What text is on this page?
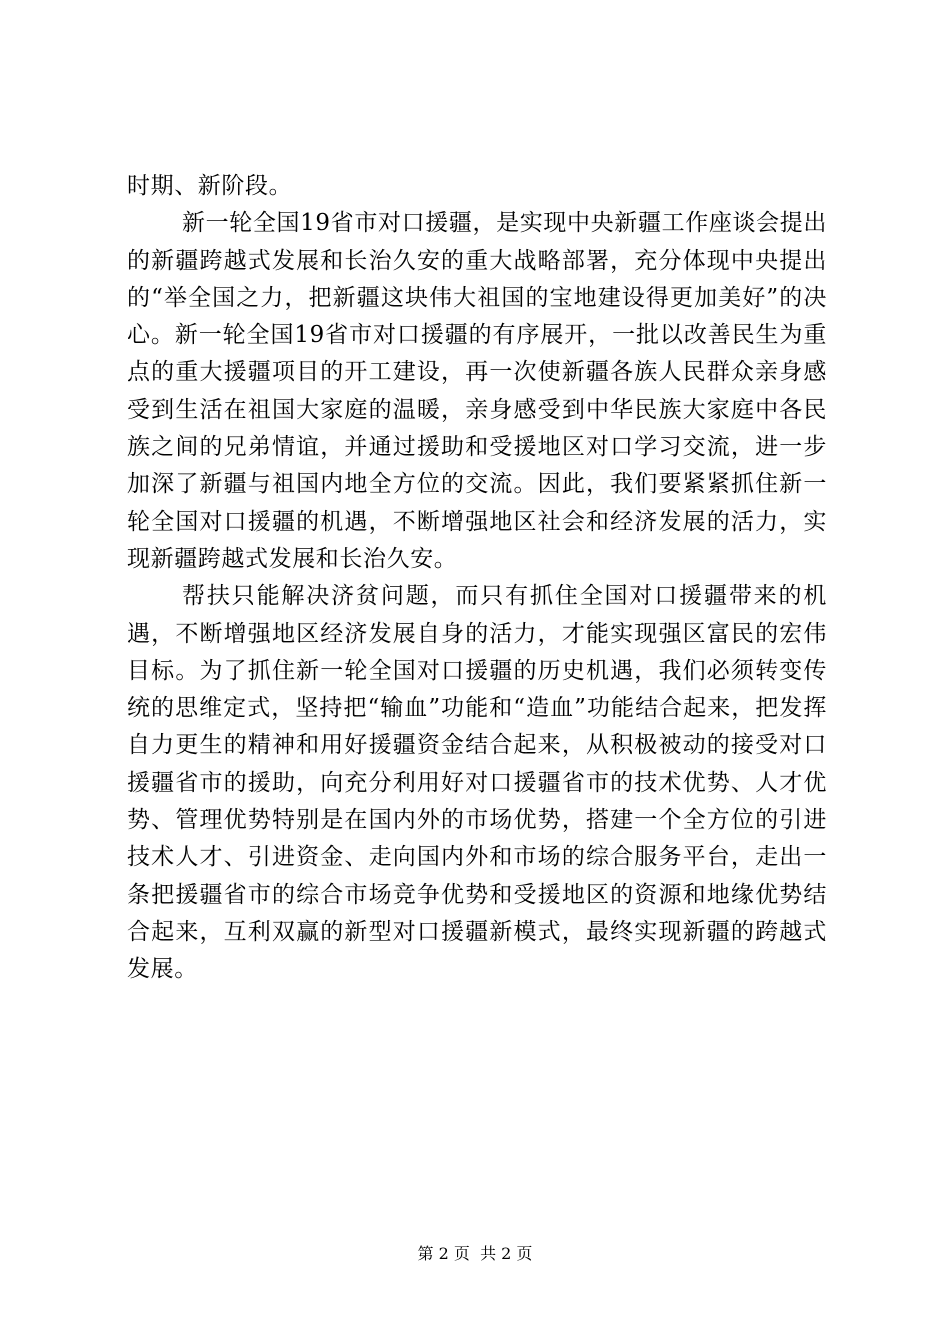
时期、新阶段。

新一轮全国19省市对口援疆，是实现中央新疆工作座谈会提出的新疆跨越式发展和长治久安的重大战略部署，充分体现中央提出的“举全国之力，把新疆这块伟大祖国的宝地建设得更加美好”的决心。新一轮全国19省市对口援疆的有序展开，一批以改善民生为重点的重大援疆项目的开工建设，再一次使新疆各族人民群众亲身感受到生活在祖国大家庭的温暖，亲身感受到中华民族大家庭中各民族之间的兄弟情谊，并通过援助和受援地区对口学习交流，进一步加深了新疆与祖国内地全方位的交流。因此，我们要紧紧抓住新一轮全国对口援疆的机遇，不断增强地区社会和经济发展的活力，实现新疆跨越式发展和长治久安。

帮扶只能解决济贫问题，而只有抓住全国对口援疆带来的机遇，不断增强地区经济发展自身的活力，才能实现强区富民的宏伟目标。为了抓住新一轮全国对口援疆的历史机遇，我们必须转变传统的思维定式，坚持把“输血”功能和“造血”功能结合起来，把发挥自力更生的精神和用好援疆资金结合起来，从积极被动的接受对口援疆省市的援助，向充分利用好对口援疆省市的技术优势、人才优势、管理优势特别是在国内外的市场优势，搭建一个全方位的引进技术人才、引进资金、走向国内外和市场的综合服务平台，走出一条把援疆省市的综合市场竞争优势和受援地区的资源和地缘优势结合起来，互利双赢的新型对口援疆新模式，最终实现新疆的跨越式发展。

第 2 页  共 2 页
